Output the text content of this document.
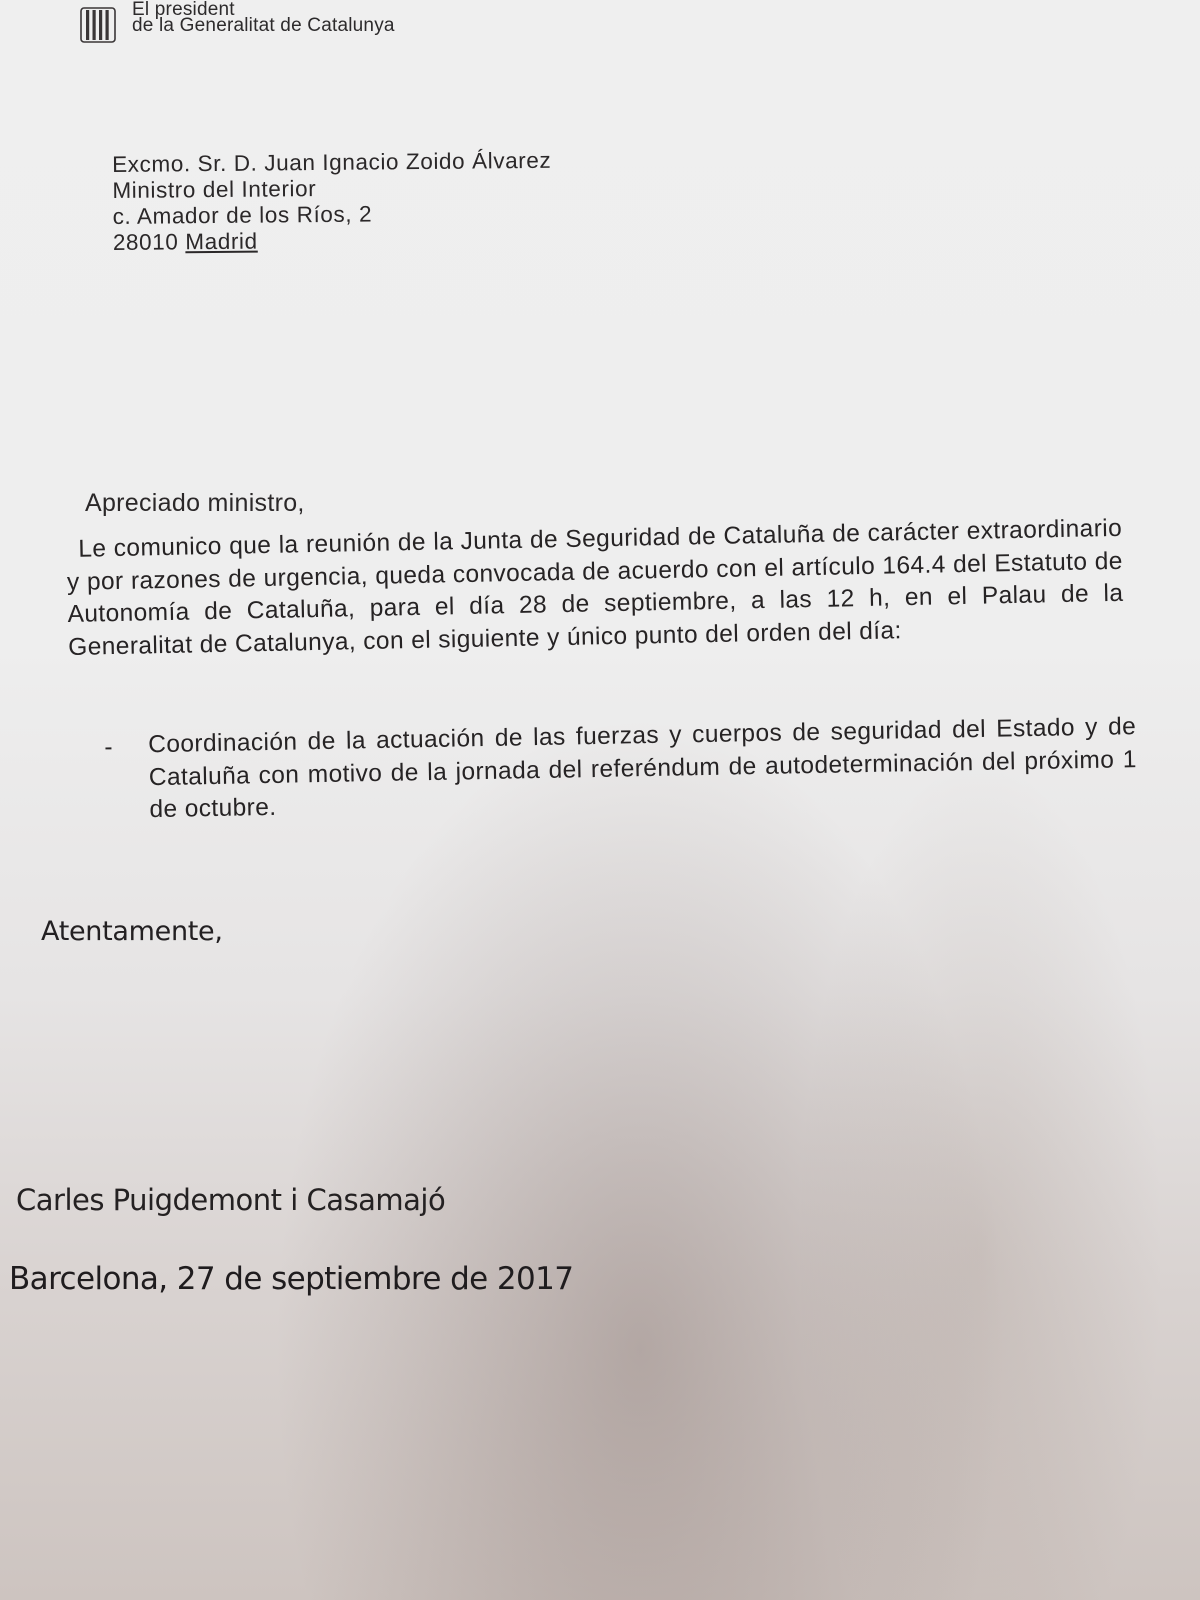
El president
de la Generalitat de Catalunya
Excmo. Sr. D. Juan Ignacio Zoido Álvarez
Ministro del Interior
c. Amador de los Ríos, 2
28010 Madrid
Apreciado ministro,
Le comunico que la reunión de la Junta de Seguridad de Cataluña de carácter extraordinario y por razones de urgencia, queda convocada de acuerdo con el artículo 164.4 del Estatuto de Autonomía de Cataluña, para el día 28 de septiembre, a las 12 h, en el Palau de la Generalitat de Catalunya, con el siguiente y único punto del orden del día:
-	Coordinación de la actuación de las fuerzas y cuerpos de seguridad del Estado y de Cataluña con motivo de la jornada del referéndum de autodeterminación del próximo 1 de octubre.
Atentamente,
Carles Puigdemont i Casamajó
Barcelona, 27 de septiembre de 2017
